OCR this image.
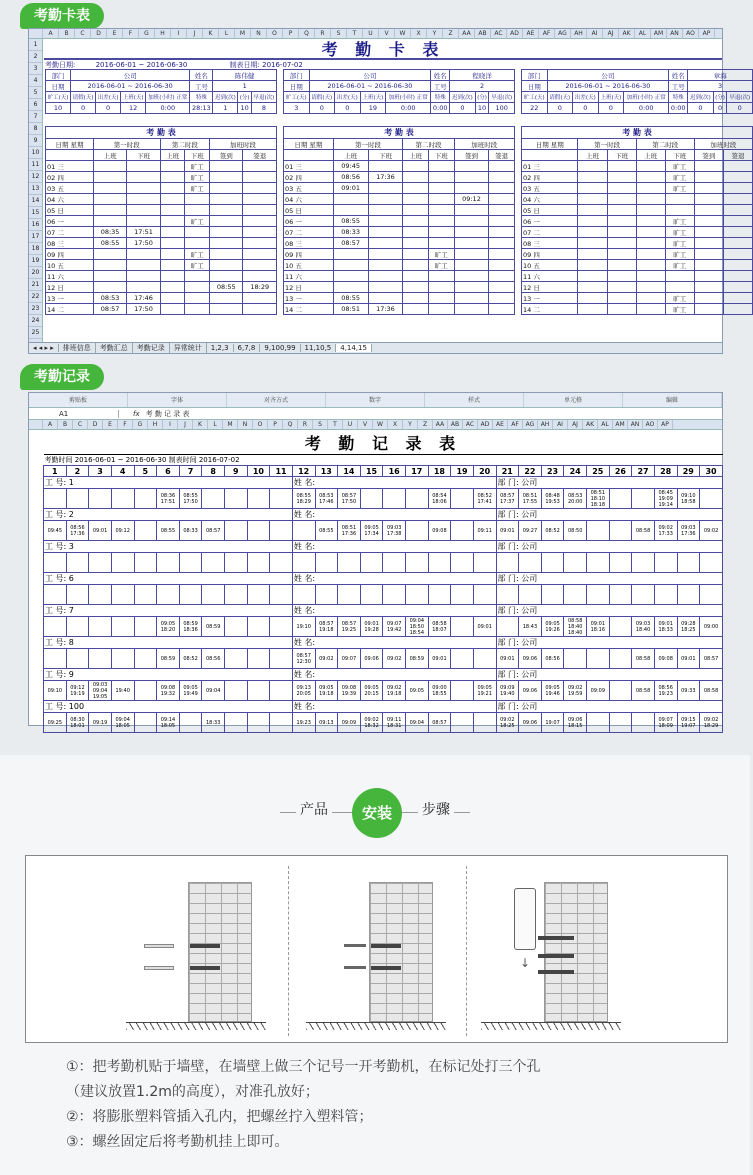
考勤卡表
A	B	C	D	E	F	G	H	I	J	K	L	M	N	O	P	Q	R	S	T	U	V	W	X	Y	Z	AA	AB	AC	AD	AE	AF	AG	AH	AI	AJ	AK	AL	AM	AN	AO	AP
1
2
3
4
5
6
7
8
9
10
11
12
13
14
15
16
17
18
19
20
21
22
23
24
25
考 勤 卡 表
考勤日期:	2016-06-01 ~ 2016-06-30	制表日期: 2016-07-02
部门	公司				姓名	陈伟健		
日期	2016-06-01 ~ 2016-06-30				工号	1		
旷工(天)	请假(天)	出差(天)	上班(天)	加班(小时) 正常	特殊	迟到(次)	(分)	早退(次)
10	0	0	12	0:00	28:13	1	10	8
考 勤 表						
日期 星期	第一时段		第二时段		加班时段	
	上班	下班	上班	下班	签到	签退
01 三				旷工		
02 四				旷工		
03 五				旷工		
04 六						
05 日						
06 一				旷工		
07 二	08:35	17:51				
08 三	08:55	17:50				
09 四				旷工		
10 五				旷工		
11 六						
12 日					08:55	18:29
13 一	08:53	17:46				
14 二	08:57	17:50				
部门	公司				姓名	程晓洋		
日期	2016-06-01 ~ 2016-06-30				工号	2		
旷工(天)	请假(天)	出差(天)	上班(天)	加班(小时) 正常	特殊	迟到(次)	(分)	早退(次)
3	0	0	19	0:00	0:00	0	10	100
考 勤 表						
日期 星期	第一时段		第二时段		加班时段	
	上班	下班	上班	下班	签到	签退
01 三	09:45					
02 四	08:56	17:36				
03 五	09:01					
04 六					09:12	
05 日						
06 一	08:55					
07 二	08:33					
08 三	08:57					
09 四				旷工		
10 五				旷工		
11 六						
12 日						
13 一	08:55					
14 二	08:51	17:36				
部门	公司				姓名	章海		
日期	2016-06-01 ~ 2016-06-30				工号	3		
旷工(天)	请假(天)	出差(天)	上班(天)	加班(小时) 正常	特殊	迟到(次)	(分)	早退(次)
22	0	0	0	0:00	0:00	0	0	0
考 勤 表						
日期 星期	第一时段		第二时段		加班时段	
	上班	下班	上班	下班	签到	签退
01 三				旷工		
02 四				旷工		
03 五				旷工		
04 六						
05 日						
06 一				旷工		
07 二				旷工		
08 三				旷工		
09 四				旷工		
10 五				旷工		
11 六						
12 日						
13 一				旷工		
14 二				旷工		
◂ ◂ ▸ ▸	排班信息	考勤汇总	考勤记录	异常统计	1,2,3	6,7,8	9,100,99	11,10,5	4,14,15
考勤记录
剪贴板	字体	对齐方式	数字	样式	单元格	编辑
A1	fx 考 勤 记 录 表
A	B	C	D	E	F	G	H	I	J	K	L	M	N	O	P	Q	R	S	T	U	V	W	X	Y	Z	AA	AB	AC	AD	AE	AF	AG	AH	AI	AJ	AK	AL	AM	AN	AO	AP
考 勤 记 录 表																													
考勤时间 2016-06-01 ~ 2016-06-30 制表时间 2016-07-02																													
1	2	3	4	5	6	7	8	9	10	11	12	13	14	15	16	17	18	19	20	21	22	23	24	25	26	27	28	29	30
工 号: 1											姓 名:									部 门: 公司									
					08:36 17:51	08:55 17:50					08:55 18:29	08:53 17:46	08:57 17:50				08:54 18:06		08:52 17:41	08:57 17:37	08:51 17:55	08:48 19:53	08:53 20:00	08:51 18:10 18:18			08:45 19:09 19:14	09:10 18:58	
工 号: 2											姓 名:									部 门: 公司									
09:45	08:56 17:36	09:01	09:12		08:55	08:33	08:57					08:55	08:51 17:36	09:05 17:34	09:03 17:38		09:08		09:11	09:01	09:27	08:52	08:50			08:58	09:02 17:33	09:03 17:36	09:02
工 号: 3											姓 名:									部 门: 公司									

工 号: 6											姓 名:									部 门: 公司									

工 号: 7											姓 名:									部 门: 公司									
					09:05 18:20	08:59 18:36	08:59				19:10	08:57 19:18	08:57 19:25	09:01 19:28	09:07 19:42	09:04 18:50 18:54	08:58 18:07		09:01		18:43	09:05 19:26	08:58 18:40 18:40	09:01 18:16		09:03 18:40	09:01 18:33	09:28 18:25	09:00
工 号: 8											姓 名:									部 门: 公司									
					08:59	08:52	08:56				08:57 12:30	09:02	09:07	09:06	09:02	08:59	09:01			09:01	09:06	08:56				08:58	09:08	09:01	08:57
工 号: 9											姓 名:									部 门: 公司									
09:10	09:12 19:19	09:03 09:04 19:05	19:40		09:08 19:32	09:05 19:49	09:04				09:13 20:05	09:05 19:18	09:08 19:39	09:05 20:15	09:02 19:18	09:05	09:00 18:55		09:05 19:21	09:09 19:40	09:06	09:05 19:46	09:02 19:59	09:09		08:58	08:56 19:23	09:33	08:58
工 号: 100											姓 名:									部 门: 公司									
09:25	08:30 18:01	09:19	09:04 18:05		09:14 18:05		18:33				19:23	09:13	09:09	09:02 18:32	09:11 18:31	09:04	08:57			09:02 18:25	09:06	19:07	09:06 18:15				09:07 18:09	09:15 19:07	09:02 18:29
产品	安装	步骤
↓
①：把考勤机贴于墙壁，在墙壁上做三个记号一开考勤机，在标记处打三个孔
（建议放置1.2m的高度），对准孔放好；
②：将膨胀塑料管插入孔内，把螺丝拧入塑料管；
③：螺丝固定后将考勤机挂上即可。
